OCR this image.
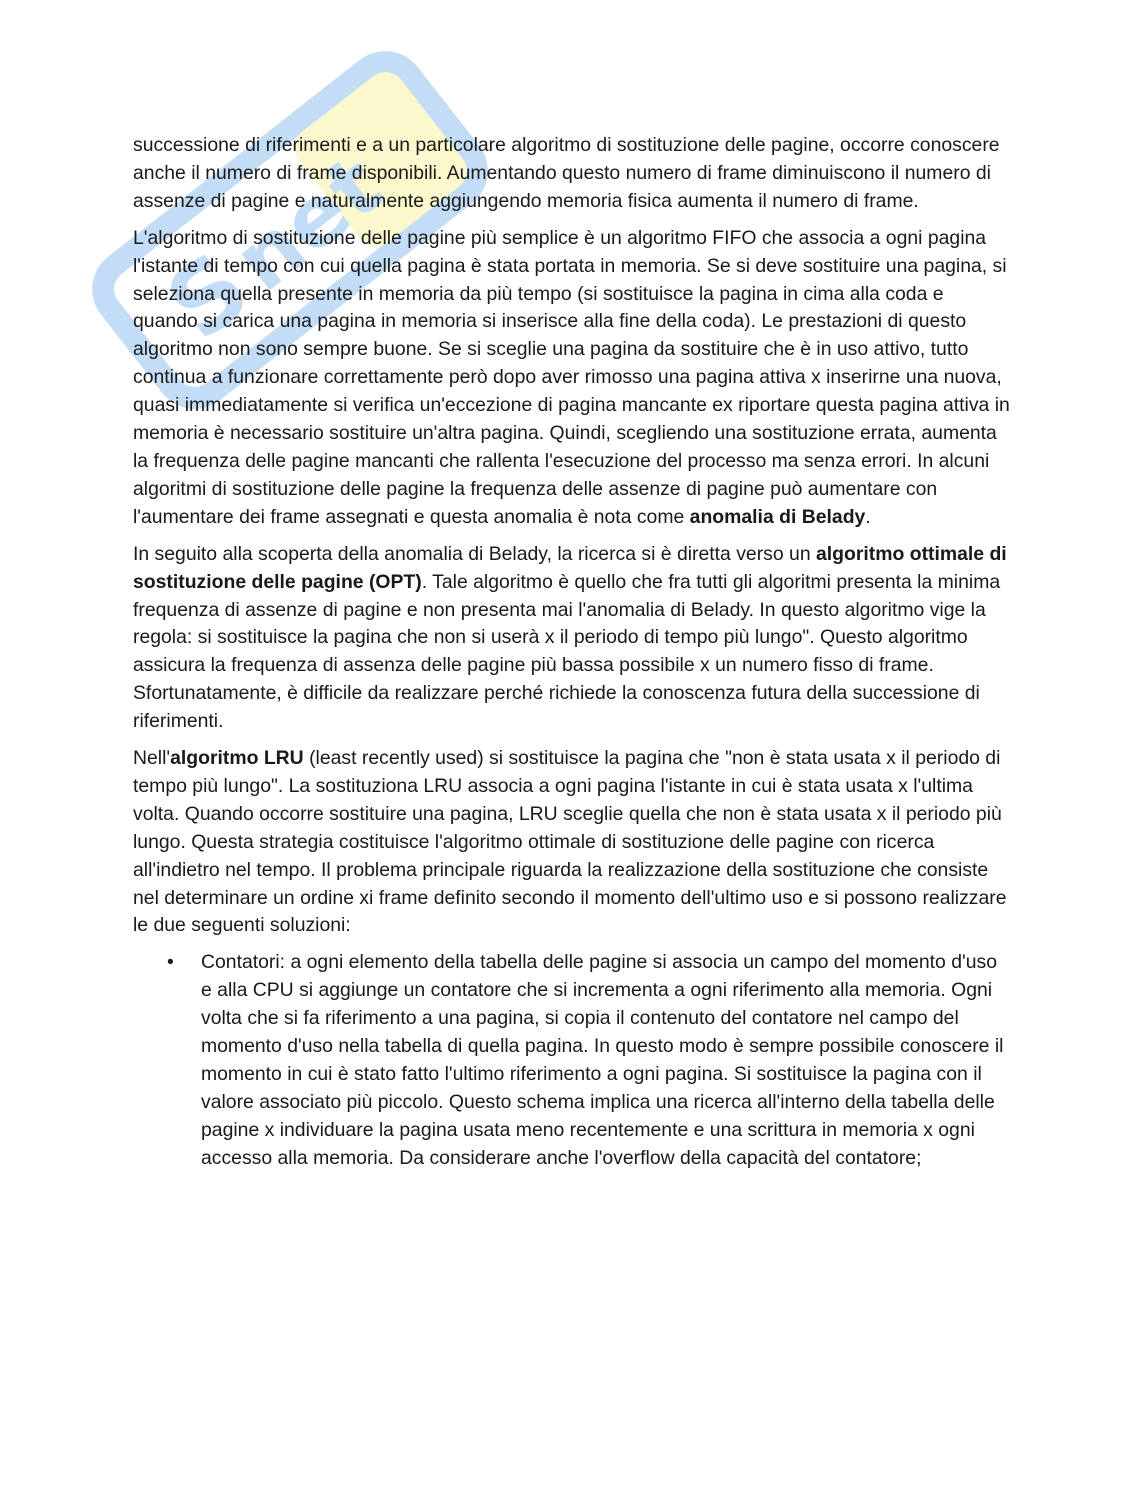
S
net

successione di riferimenti e a un particolare algoritmo di sostituzione delle pagine, occorre conoscere anche il numero di frame disponibili. Aumentando questo numero di frame diminuiscono il numero di assenze di pagine e naturalmente aggiungendo memoria fisica aumenta il numero di frame.

L'algoritmo di sostituzione delle pagine più semplice è un algoritmo FIFO che associa a ogni pagina l'istante di tempo con cui quella pagina è stata portata in memoria. Se si deve sostituire una pagina, si seleziona quella presente in memoria da più tempo (si sostituisce la pagina in cima alla coda e quando si carica una pagina in memoria si inserisce alla fine della coda). Le prestazioni di questo algoritmo non sono sempre buone. Se si sceglie una pagina da sostituire che è in uso attivo, tutto continua a funzionare correttamente però dopo aver rimosso una pagina attiva x inserirne una nuova, quasi immediatamente si verifica un'eccezione di pagina mancante ex riportare questa pagina attiva in memoria è necessario sostituire un'altra pagina. Quindi, scegliendo una sostituzione errata, aumenta la frequenza delle pagine mancanti che rallenta l'esecuzione del processo ma senza errori. In alcuni algoritmi di sostituzione delle pagine la frequenza delle assenze di pagine può aumentare con l'aumentare dei frame assegnati e questa anomalia è nota come anomalia di Belady.

In seguito alla scoperta della anomalia di Belady, la ricerca si è diretta verso un algoritmo ottimale di sostituzione delle pagine (OPT). Tale algoritmo è quello che fra tutti gli algoritmi presenta la minima frequenza di assenze di pagine e non presenta mai l'anomalia di Belady. In questo algoritmo vige la regola: si sostituisce la pagina che non si userà x il periodo di tempo più lungo". Questo algoritmo assicura la frequenza di assenza delle pagine più bassa possibile x un numero fisso di frame. Sfortunatamente, è difficile da realizzare perché richiede la conoscenza futura della successione di riferimenti.

Nell'algoritmo LRU (least recently used) si sostituisce la pagina che "non è stata usata x il periodo di tempo più lungo". La sostituziona LRU associa a ogni pagina l'istante in cui è stata usata x l'ultima volta. Quando occorre sostituire una pagina, LRU sceglie quella che non è stata usata x il periodo più lungo. Questa strategia costituisce l'algoritmo ottimale di sostituzione delle pagine con ricerca all'indietro nel tempo. Il problema principale riguarda la realizzazione della sostituzione che consiste nel determinare un ordine xi frame definito secondo il momento dell'ultimo uso e si possono realizzare le due seguenti soluzioni:

• Contatori: a ogni elemento della tabella delle pagine si associa un campo del momento d'uso e alla CPU si aggiunge un contatore che si incrementa a ogni riferimento alla memoria. Ogni volta che si fa riferimento a una pagina, si copia il contenuto del contatore nel campo del momento d'uso nella tabella di quella pagina. In questo modo è sempre possibile conoscere il momento in cui è stato fatto l'ultimo riferimento a ogni pagina. Si sostituisce la pagina con il valore associato più piccolo. Questo schema implica una ricerca all'interno della tabella delle pagine x individuare la pagina usata meno recentemente e una scrittura in memoria x ogni accesso alla memoria. Da considerare anche l'overflow della capacità del contatore;
